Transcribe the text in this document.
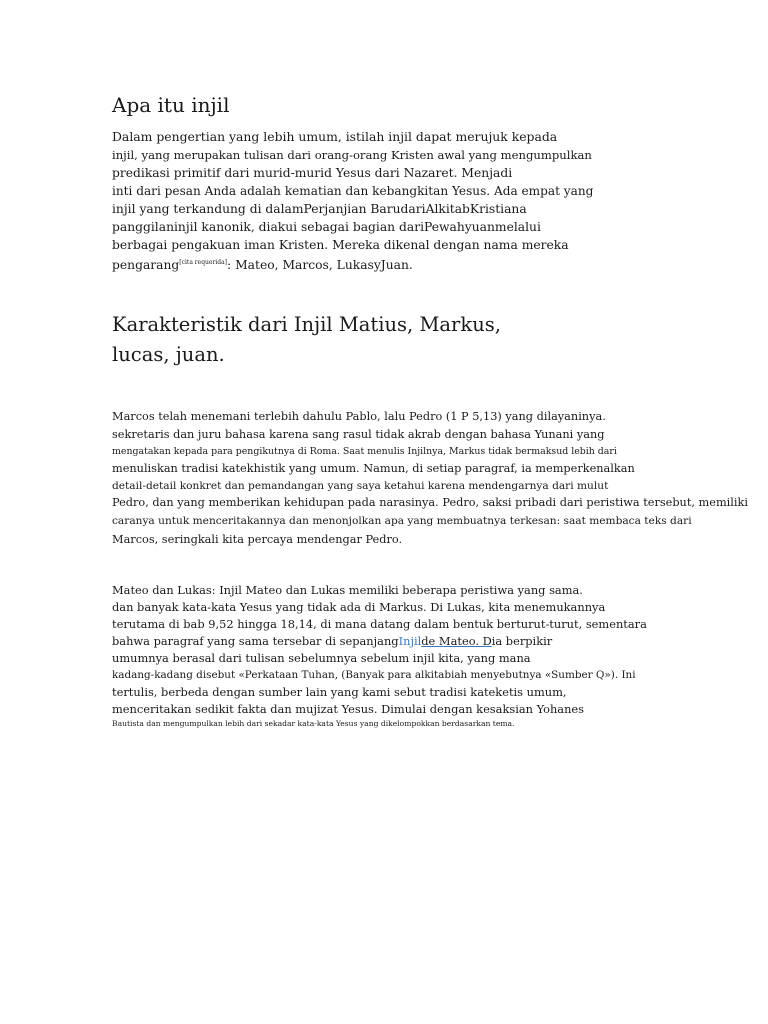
Apa itu injil
Dalam pengertian yang lebih umum, istilah injil dapat merujuk kepada
injil, yang merupakan tulisan dari orang-orang Kristen awal yang mengumpulkan
predikasi primitif dari murid-murid Yesus dari Nazaret. Menjadi
inti dari pesan Anda adalah kematian dan kebangkitan Yesus. Ada empat yang
injil yang terkandung di dalamPerjanjian BarudariAlkitabKristiana
panggilaninjil kanonik, diakui sebagai bagian dariPewahyuanmelalui
berbagai pengakuan iman Kristen. Mereka dikenal dengan nama mereka
pengarang[cita requerida]: Mateo, Marcos, LukasyJuan.
Karakteristik dari Injil Matius, Markus,
lucas, juan.
Marcos telah menemani terlebih dahulu Pablo, lalu Pedro (1 P 5,13) yang dilayaninya.
sekretaris dan juru bahasa karena sang rasul tidak akrab dengan bahasa Yunani yang
mengatakan kepada para pengikutnya di Roma. Saat menulis Injilnya, Markus tidak bermaksud lebih dari
menuliskan tradisi katekhistik yang umum. Namun, di setiap paragraf, ia memperkenalkan
detail-detail konkret dan pemandangan yang saya ketahui karena mendengarnya dari mulut
Pedro, dan yang memberikan kehidupan pada narasinya. Pedro, saksi pribadi dari peristiwa tersebut, memiliki
caranya untuk menceritakannya dan menonjolkan apa yang membuatnya terkesan: saat membaca teks dari
Marcos, seringkali kita percaya mendengar Pedro.
Mateo dan Lukas: Injil Mateo dan Lukas memiliki beberapa peristiwa yang sama.
dan banyak kata-kata Yesus yang tidak ada di Markus. Di Lukas, kita menemukannya
terutama di bab 9,52 hingga 18,14, di mana datang dalam bentuk berturut-turut, sementara
bahwa paragraf yang sama tersebar di sepanjangInjilde Mateo. Dia berpikir
umumnya berasal dari tulisan sebelumnya sebelum injil kita, yang mana
kadang-kadang disebut «Perkataan Tuhan, (Banyak para alkitabiah menyebutnya «Sumber Q»). Ini
tertulis, berbeda dengan sumber lain yang kami sebut tradisi kateketis umum,
menceritakan sedikit fakta dan mujizat Yesus. Dimulai dengan kesaksian Yohanes
Bautista dan mengumpulkan lebih dari sekadar kata-kata Yesus yang dikelompokkan berdasarkan tema.
